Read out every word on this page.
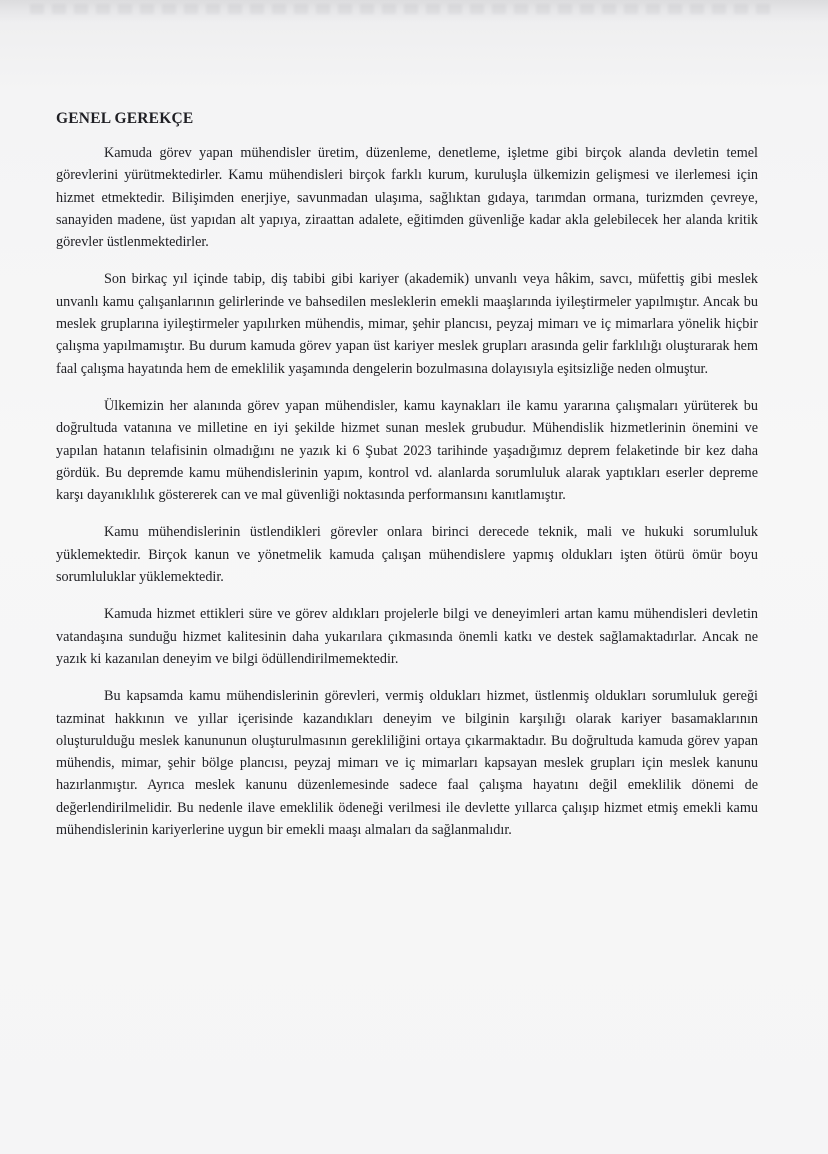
GENEL GEREKÇE

Kamuda görev yapan mühendisler üretim, düzenleme, denetleme, işletme gibi birçok alanda devletin temel görevlerini yürütmektedirler. Kamu mühendisleri birçok farklı kurum, kuruluşla ülkemizin gelişmesi ve ilerlemesi için hizmet etmektedir. Bilişimden enerjiye, savunmadan ulaşıma, sağlıktan gıdaya, tarımdan ormana, turizmden çevreye, sanayiden madene, üst yapıdan alt yapıya, ziraattan adalete, eğitimden güvenliğe kadar akla gelebilecek her alanda kritik görevler üstlenmektedirler.

Son birkaç yıl içinde tabip, diş tabibi gibi kariyer (akademik) unvanlı veya hâkim, savcı, müfettiş gibi meslek unvanlı kamu çalışanlarının gelirlerinde ve bahsedilen mesleklerin emekli maaşlarında iyileştirmeler yapılmıştır. Ancak bu meslek gruplarına iyileştirmeler yapılırken mühendis, mimar, şehir plancısı, peyzaj mimarı ve iç mimarlara yönelik hiçbir çalışma yapılmamıştır. Bu durum kamuda görev yapan üst kariyer meslek grupları arasında gelir farklılığı oluşturarak hem faal çalışma hayatında hem de emeklilik yaşamında dengelerin bozulmasına dolayısıyla eşitsizliğe neden olmuştur.

Ülkemizin her alanında görev yapan mühendisler, kamu kaynakları ile kamu yararına çalışmaları yürüterek bu doğrultuda vatanına ve milletine en iyi şekilde hizmet sunan meslek grubudur. Mühendislik hizmetlerinin önemini ve yapılan hatanın telafisinin olmadığını ne yazık ki 6 Şubat 2023 tarihinde yaşadığımız deprem felaketinde bir kez daha gördük. Bu depremde kamu mühendislerinin yapım, kontrol vd. alanlarda sorumluluk alarak yaptıkları eserler depreme karşı dayanıklılık göstererek can ve mal güvenliği noktasında performansını kanıtlamıştır.

Kamu mühendislerinin üstlendikleri görevler onlara birinci derecede teknik, mali ve hukuki sorumluluk yüklemektedir. Birçok kanun ve yönetmelik kamuda çalışan mühendislere yapmış oldukları işten ötürü ömür boyu sorumluluklar yüklemektedir.

Kamuda hizmet ettikleri süre ve görev aldıkları projelerle bilgi ve deneyimleri artan kamu mühendisleri devletin vatandaşına sunduğu hizmet kalitesinin daha yukarılara çıkmasında önemli katkı ve destek sağlamaktadırlar. Ancak ne yazık ki kazanılan deneyim ve bilgi ödüllendirilmemektedir.

Bu kapsamda kamu mühendislerinin görevleri, vermiş oldukları hizmet, üstlenmiş oldukları sorumluluk gereği tazminat hakkının ve yıllar içerisinde kazandıkları deneyim ve bilginin karşılığı olarak kariyer basamaklarının oluşturulduğu meslek kanununun oluşturulmasının gerekliliğini ortaya çıkarmaktadır. Bu doğrultuda kamuda görev yapan mühendis, mimar, şehir bölge plancısı, peyzaj mimarı ve iç mimarları kapsayan meslek grupları için meslek kanunu hazırlanmıştır. Ayrıca meslek kanunu düzenlemesinde sadece faal çalışma hayatını değil emeklilik dönemi de değerlendirilmelidir. Bu nedenle ilave emeklilik ödeneği verilmesi ile devlette yıllarca çalışıp hizmet etmiş emekli kamu mühendislerinin kariyerlerine uygun bir emekli maaşı almaları da sağlanmalıdır.
